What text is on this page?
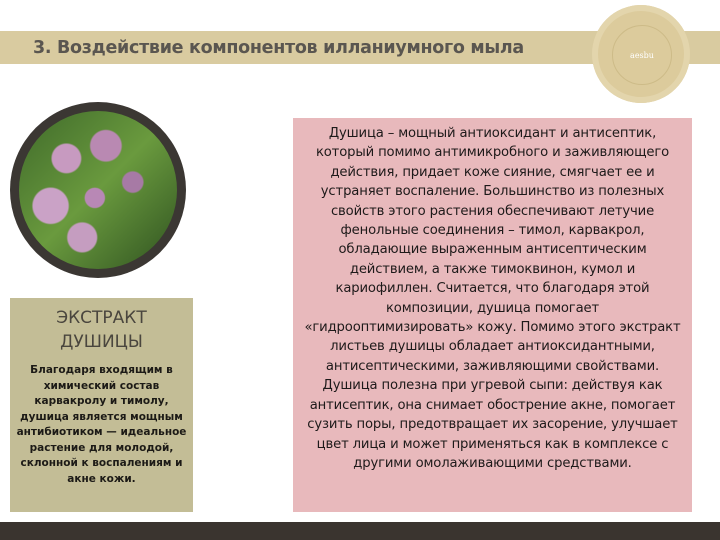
3. Воздействие компонентов илланиумного мыла	aesbu
ЭКСТРАКТ
ДУШИЦЫ
Благодаря входящим в химический состав карвакролу и тимолу, душица является мощным антибиотиком — идеальное растение для молодой, склонной к воспалениям и акне кожи.
Душица – мощный антиоксидант и антисептик, который помимо антимикробного и заживляющего действия, придает коже сияние, смягчает ее и устраняет воспаление. Большинство из полезных свойств этого растения обеспечивают летучие фенольные соединения – тимол, карвакрол, обладающие выраженным антисептическим действием, а также тимоквинон, кумол и кариофиллен. Считается, что благодаря этой композиции, душица помогает «гидрооптимизировать» кожу. Помимо этого экстракт листьев душицы обладает антиоксидантными, антисептическими, заживляющими свойствами. Душица полезна при угревой сыпи: действуя как антисептик, она снимает обострение акне, помогает сузить поры, предотвращает их засорение, улучшает цвет лица и может применяться как в комплексе с другими омолаживающими средствами.
